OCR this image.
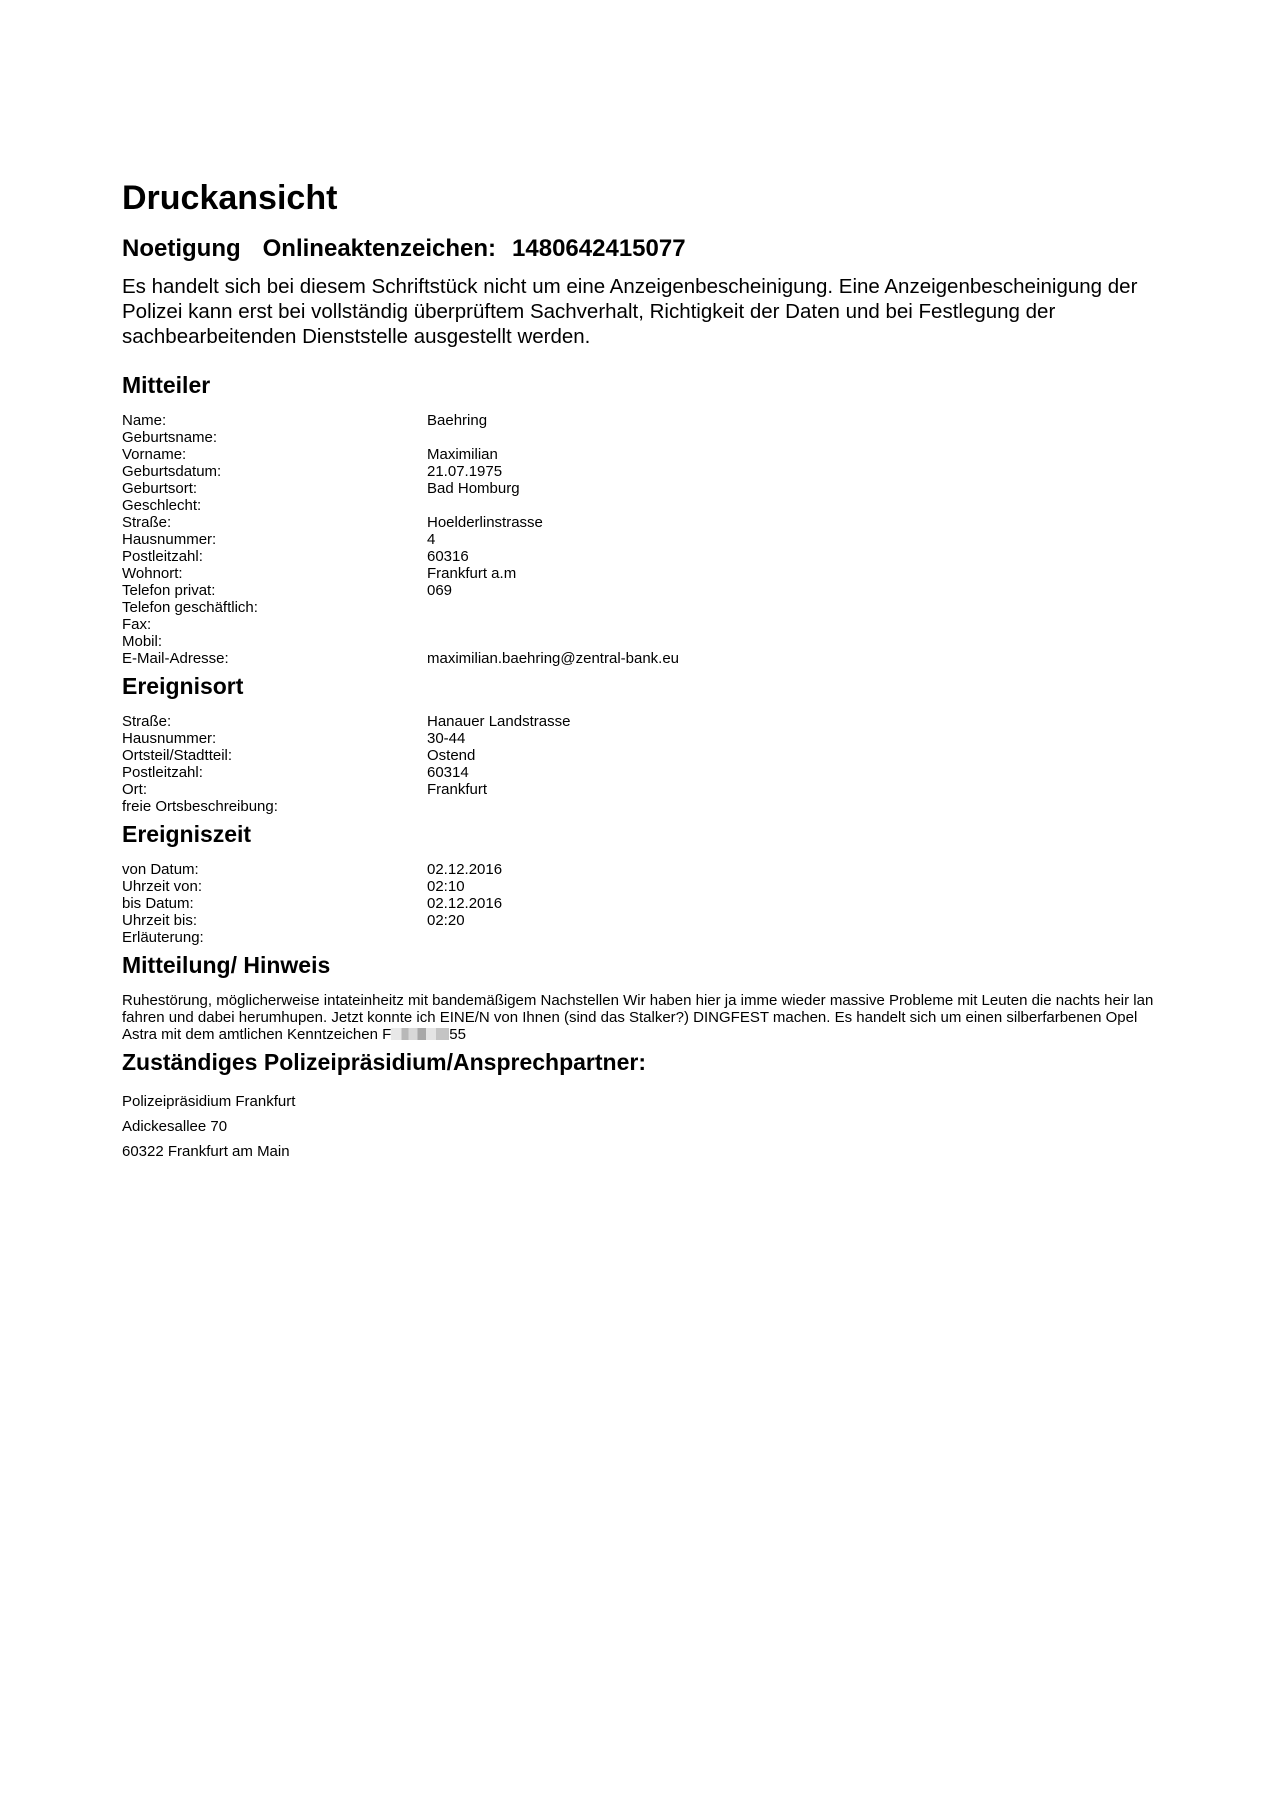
Druckansicht
Noetigung Onlineaktenzeichen: 1480642415077
Es handelt sich bei diesem Schriftstück nicht um eine Anzeigenbescheinigung. Eine Anzeigenbescheinigung der Polizei kann erst bei vollständig überprüftem Sachverhalt, Richtigkeit der Daten und bei Festlegung der sachbearbeitenden Dienststelle ausgestellt werden.
Mitteiler
Name:	Baehring
Geburtsname:
Vorname:	Maximilian
Geburtsdatum:	21.07.1975
Geburtsort:	Bad Homburg
Geschlecht:
Straße:	Hoelderlinstrasse
Hausnummer:	4
Postleitzahl:	60316
Wohnort:	Frankfurt a.m
Telefon privat:	069
Telefon geschäftlich:
Fax:
Mobil:
E-Mail-Adresse:	maximilian.baehring@zentral-bank.eu
Ereignisort
Straße:	Hanauer Landstrasse
Hausnummer:	30-44
Ortsteil/Stadtteil:	Ostend
Postleitzahl:	60314
Ort:	Frankfurt
freie Ortsbeschreibung:
Ereigniszeit
von Datum:	02.12.2016
Uhrzeit von:	02:10
bis Datum:	02.12.2016
Uhrzeit bis:	02:20
Erläuterung:
Mitteilung/ Hinweis
Ruhestörung, möglicherweise intateinheitz mit bandemäßigem Nachstellen Wir haben hier ja imme wieder massive Probleme mit Leuten die nachts heir lan fahren und dabei herumhupen. Jetzt konnte ich EINE/N von Ihnen (sind das Stalker?) DINGFEST machen. Es handelt sich um einen silberfarbenen Opel Astra mit dem amtlichen Kenntzeichen F	55
Zuständiges Polizeipräsidium/Ansprechpartner:
Polizeipräsidium Frankfurt
Adickesallee 70
60322 Frankfurt am Main
